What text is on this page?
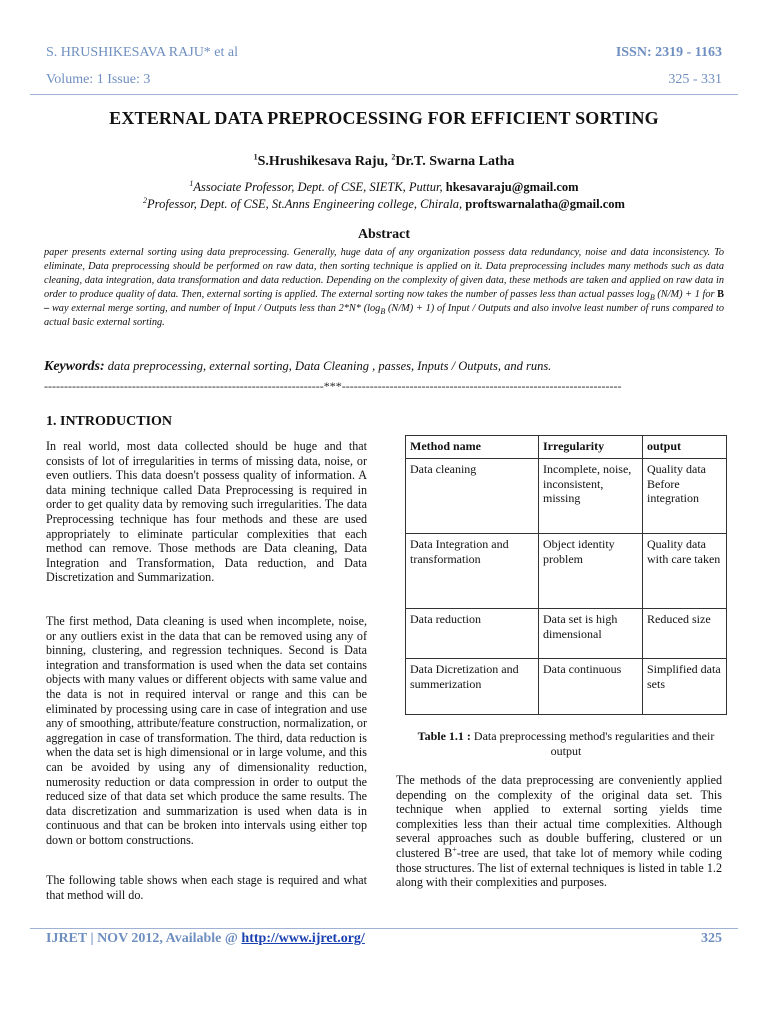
S. HRUSHIKESAVA RAJU* et al	ISSN: 2319 - 1163
Volume: 1 Issue: 3	325 - 331
EXTERNAL DATA PREPROCESSING FOR EFFICIENT SORTING
$^1$S.Hrushikesava Raju, $^2$Dr.T. Swarna Latha
$^1$Associate Professor, Dept. of CSE, SIETK, Puttur, hkesavaraju@gmail.com
$^2$Professor, Dept. of CSE, St.Anns Engineering college, Chirala, proftswarnalatha@gmail.com
Abstract
paper presents external sorting using data preprocessing. Generally, huge data of any organization possess data redundancy, noise and data inconsistency. To eliminate, Data preprocessing should be performed on raw data, then sorting technique is applied on it. Data preprocessing includes many methods such as data cleaning, data integration, data transformation and data reduction. Depending on the complexity of given data, these methods are taken and applied on raw data in order to produce quality of data. Then, external sorting is applied. The external sorting now takes the number of passes less than actual passes $\log_B (N/M) + 1$ for B – way external merge sorting, and number of Input / Outputs less than 2*N* ($\log_B$ (N/M) + 1) of Input / Outputs and also involve least number of runs compared to actual basic external sorting.
Keywords: data preprocessing, external sorting, Data Cleaning , passes, Inputs / Outputs, and runs.
----------------------------------------------------------------------***----------------------------------------------------------------------
1. INTRODUCTION
In real world, most data collected should be huge and that consists of lot of irregularities in terms of missing data, noise, or even outliers. This data doesn't possess quality of information. A data mining technique called Data Preprocessing is required in order to get quality data by removing such irregularities. The data Preprocessing technique has four methods and these are used appropriately to eliminate particular complexities that each method can remove. Those methods are Data cleaning, Data Integration and Transformation, Data reduction, and Data Discretization and Summarization.
The first method, Data cleaning is used when incomplete, noise, or any outliers exist in the data that can be removed using any of binning, clustering, and regression techniques. Second is Data integration and transformation is used when the data set contains objects with many values or different objects with same value and the data is not in required interval or range and this can be eliminated by processing using care in case of integration and use any of smoothing, attribute/feature construction, normalization, or aggregation in case of transformation. The third, data reduction is when the data set is high dimensional or in large volume, and this can be avoided by using any of dimensionality reduction, numerosity reduction or data compression in order to output the reduced size of that data set which produce the same results. The data discretization and summarization is used when data is in continuous and that can be broken into intervals using either top down or bottom constructions.
The following table shows when each stage is required and what that method will do.
Method name	Irregularity	output
Data cleaning	Incomplete, noise, inconsistent, missing	Quality data Before integration
Data Integration and transformation	Object identity problem	Quality data with care taken
Data reduction	Data set is high dimensional	Reduced size
Data Dicretization and summerization	Data continuous	Simplified data sets
Table 1.1 : Data preprocessing method's regularities and their output
The methods of the data preprocessing are conveniently applied depending on the complexity of the original data set. This technique when applied to external sorting yields time complexities less than their actual time complexities. Although several approaches such as double buffering, clustered or un clustered B+-tree are used, that take lot of memory while coding those structures. The list of external techniques is listed in table 1.2 along with their complexities and purposes.
IJRET | NOV 2012, Available @ http://www.ijret.org/	325
